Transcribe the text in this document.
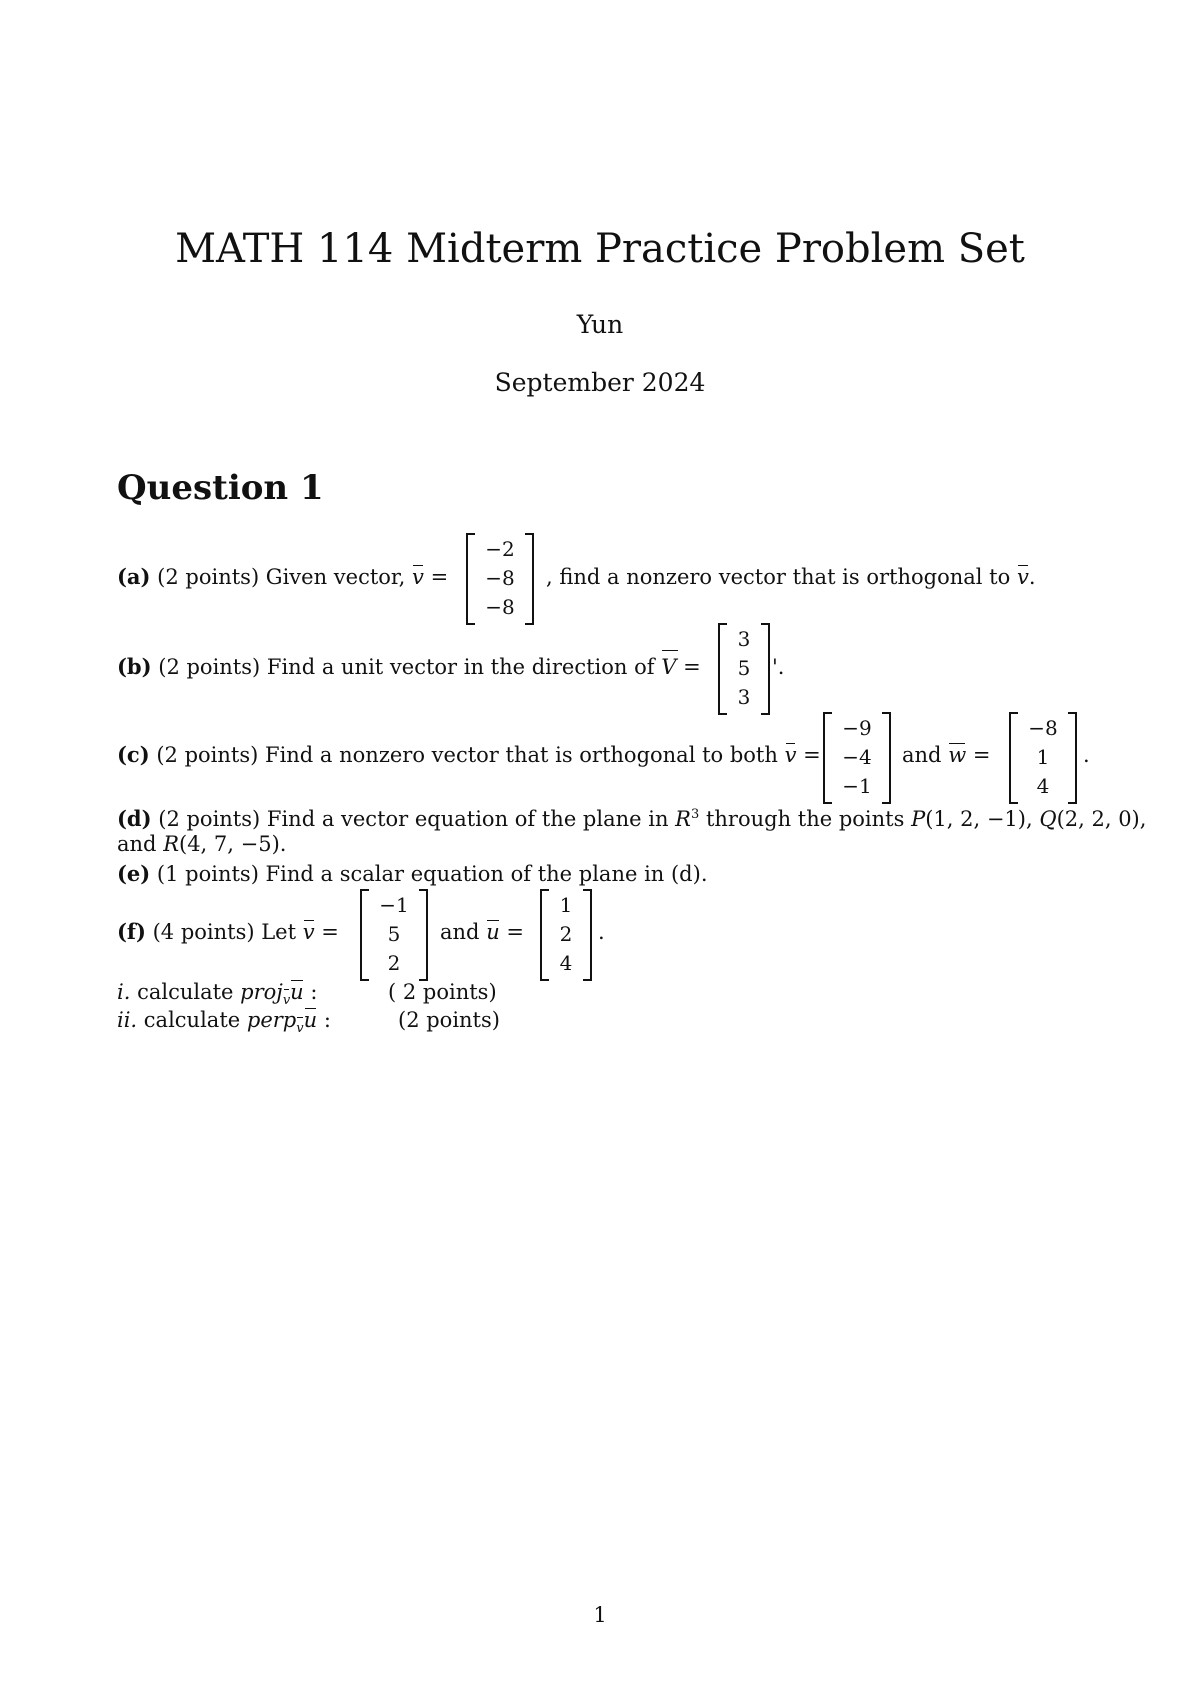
MATH 114 Midterm Practice Problem Set
Yun
September 2024
Question 1
(a) (2 points) Given vector, v =
−2
−8
−8
, find a nonzero vector that is orthogonal to v.
(b) (2 points) Find a unit vector in the direction of V =
3
5
3
'.
(c) (2 points) Find a nonzero vector that is orthogonal to both v =
−9
−4
−1
and w =
−8
1
4
.
(d) (2 points) Find a vector equation of the plane in $R^3$ through the points P(1, 2, −1), Q(2, 2, 0),
and R(4, 7, −5).
(e) (1 points) Find a scalar equation of the plane in (d).
(f) (4 points) Let v =
−1
5
2
and u =
1
2
4
.
i. calculate proj$_v$u :	( 2 points)
ii. calculate perp$_v$u :	(2 points)
1
